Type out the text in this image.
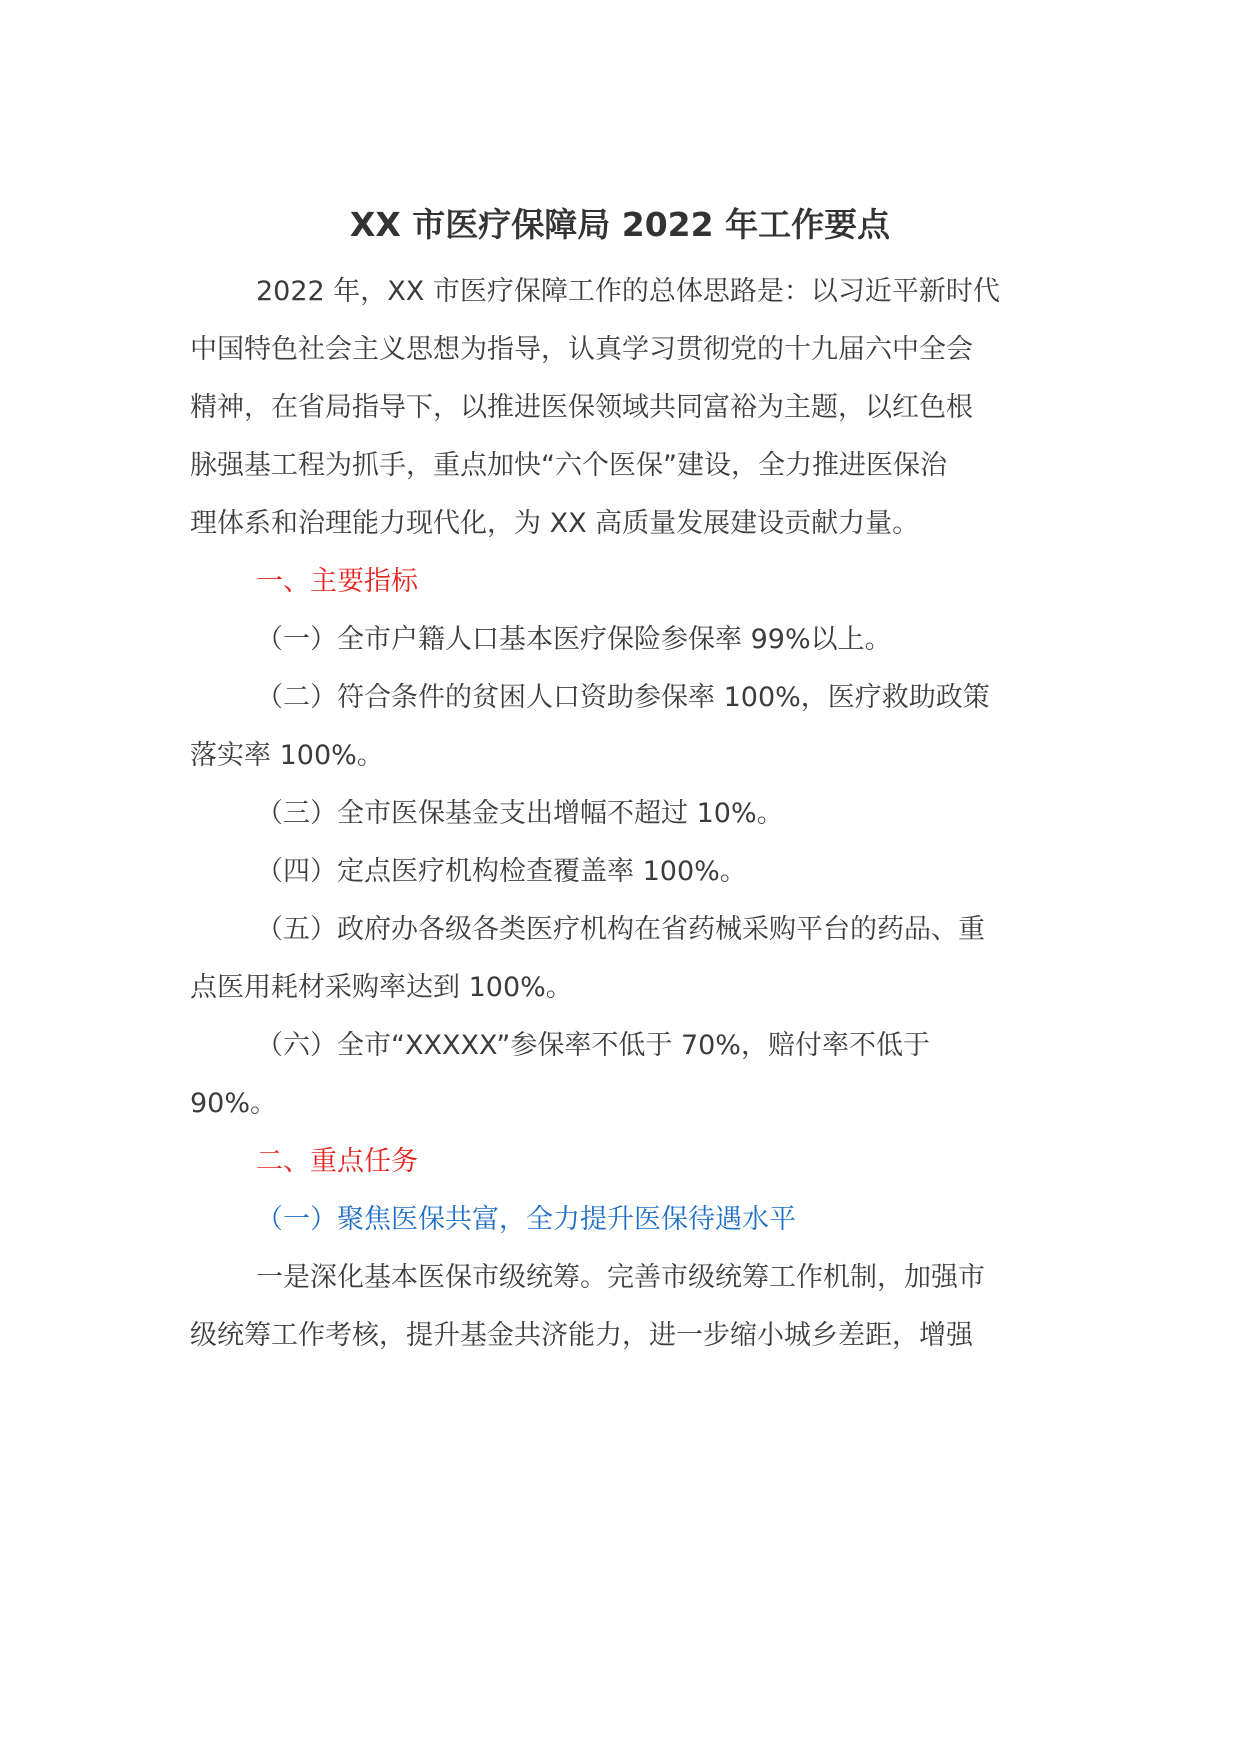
XX 市医疗保障局 2022 年工作要点

2022 年，XX 市医疗保障工作的总体思路是：以习近平新时代

中国特色社会主义思想为指导，认真学习贯彻党的十九届六中全会

精神，在省局指导下，以推进医保领域共同富裕为主题，以红色根

脉强基工程为抓手，重点加快“六个医保”建设，全力推进医保治

理体系和治理能力现代化，为 XX 高质量发展建设贡献力量。

一、主要指标

（一）全市户籍人口基本医疗保险参保率 99%以上。

（二）符合条件的贫困人口资助参保率 100%，医疗救助政策

落实率 100%。

（三）全市医保基金支出增幅不超过 10%。

（四）定点医疗机构检查覆盖率 100%。

（五）政府办各级各类医疗机构在省药械采购平台的药品、重

点医用耗材采购率达到 100%。

（六）全市“XXXXX”参保率不低于 70%，赔付率不低于

90%。

二、重点任务

（一）聚焦医保共富，全力提升医保待遇水平

一是深化基本医保市级统筹。完善市级统筹工作机制，加强市

级统筹工作考核，提升基金共济能力，进一步缩小城乡差距，增强
